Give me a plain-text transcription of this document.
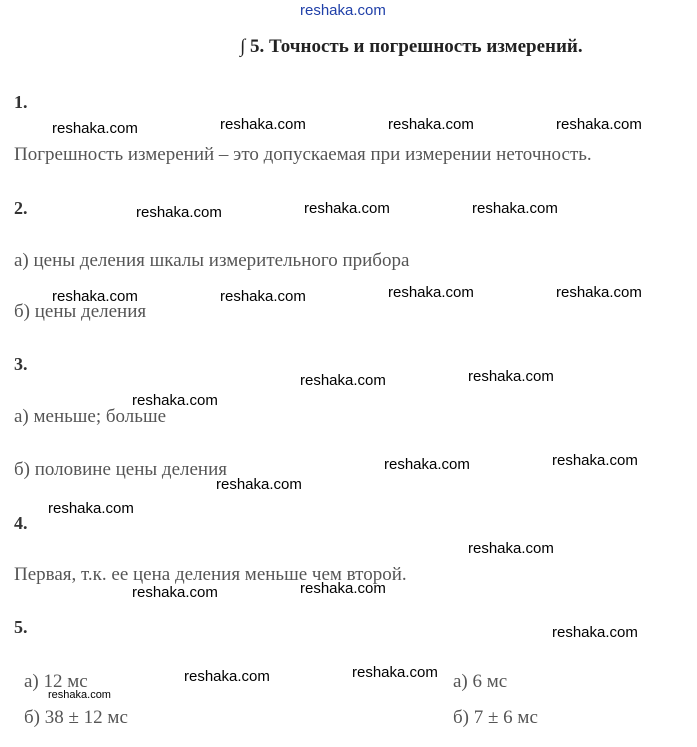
reshaka.com
∫ 5. Точность и погрешность измерений.
1.
Погрешность измерений – это допускаемая при измерении неточность.
2.
а) цены деления шкалы измерительного прибора
б) цены деления
3.
а) меньше; больше
б) половине цены деления
4.
Первая, т.к. ее цена деления меньше чем второй.
5.
а) 12 мс	а) 6 мс
б) 38 ± 12 мс	б) 7 ± 6 мс
reshaka.com	reshaka.com	reshaka.com	reshaka.com
reshaka.com	reshaka.com	reshaka.com
reshaka.com	reshaka.com	reshaka.com	reshaka.com
reshaka.com	reshaka.com
reshaka.com
reshaka.com	reshaka.com
reshaka.com
reshaka.com
reshaka.com
reshaka.com
reshaka.com
reshaka.com
reshaka.com
reshaka.com
reshaka.com
